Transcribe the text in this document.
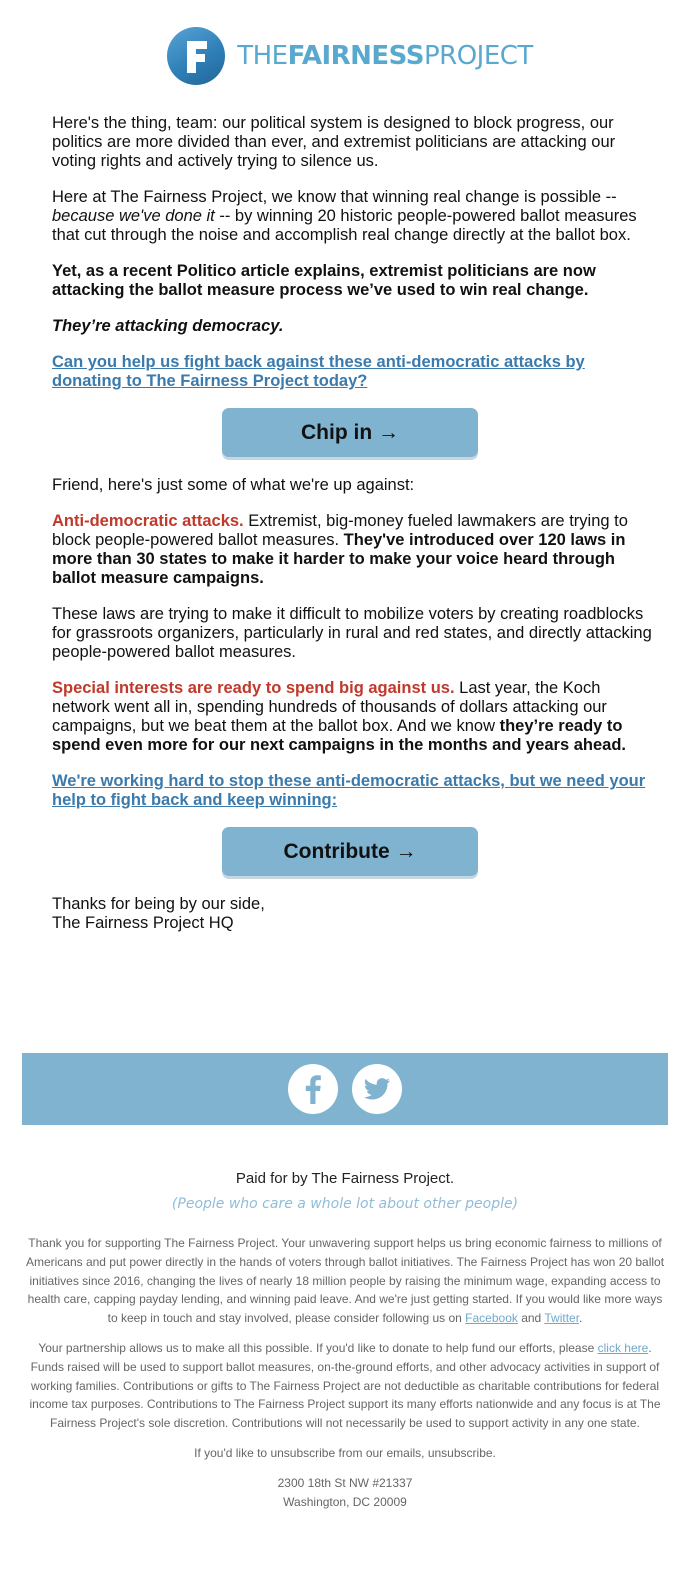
THEFAIRNESSPROJECT

Here's the thing, team: our political system is designed to block progress, our politics are more divided than ever, and extremist politicians are attacking our voting rights and actively trying to silence us.

Here at The Fairness Project, we know that winning real change is possible -- because we've done it -- by winning 20 historic people-powered ballot measures that cut through the noise and accomplish real change directly at the ballot box.

Yet, as a recent Politico article explains, extremist politicians are now attacking the ballot measure process we’ve used to win real change.

They’re attacking democracy.

Can you help us fight back against these anti-democratic attacks by donating to The Fairness Project today?

Chip in →

Friend, here's just some of what we're up against:

Anti-democratic attacks. Extremist, big-money fueled lawmakers are trying to block people-powered ballot measures. They've introduced over 120 laws in more than 30 states to make it harder to make your voice heard through ballot measure campaigns.

These laws are trying to make it difficult to mobilize voters by creating roadblocks for grassroots organizers, particularly in rural and red states, and directly attacking people-powered ballot measures.

Special interests are ready to spend big against us. Last year, the Koch network went all in, spending hundreds of thousands of dollars attacking our campaigns, but we beat them at the ballot box. And we know they’re ready to spend even more for our next campaigns in the months and years ahead.

We're working hard to stop these anti-democratic attacks, but we need your help to fight back and keep winning:

Contribute →

Thanks for being by our side,
The Fairness Project HQ

Paid for by The Fairness Project.
(People who care a whole lot about other people)
Thank you for supporting The Fairness Project. Your unwavering support helps us bring economic fairness to millions of Americans and put power directly in the hands of voters through ballot initiatives. The Fairness Project has won 20 ballot initiatives since 2016, changing the lives of nearly 18 million people by raising the minimum wage, expanding access to health care, capping payday lending, and winning paid leave. And we're just getting started. If you would like more ways to keep in touch and stay involved, please consider following us on Facebook and Twitter.
Your partnership allows us to make all this possible. If you'd like to donate to help fund our efforts, please click here. Funds raised will be used to support ballot measures, on-the-ground efforts, and other advocacy activities in support of working families. Contributions or gifts to The Fairness Project are not deductible as charitable contributions for federal income tax purposes. Contributions to The Fairness Project support its many efforts nationwide and any focus is at The Fairness Project's sole discretion. Contributions will not necessarily be used to support activity in any one state.
If you'd like to unsubscribe from our emails, unsubscribe.
2300 18th St NW #21337
Washington, DC 20009
